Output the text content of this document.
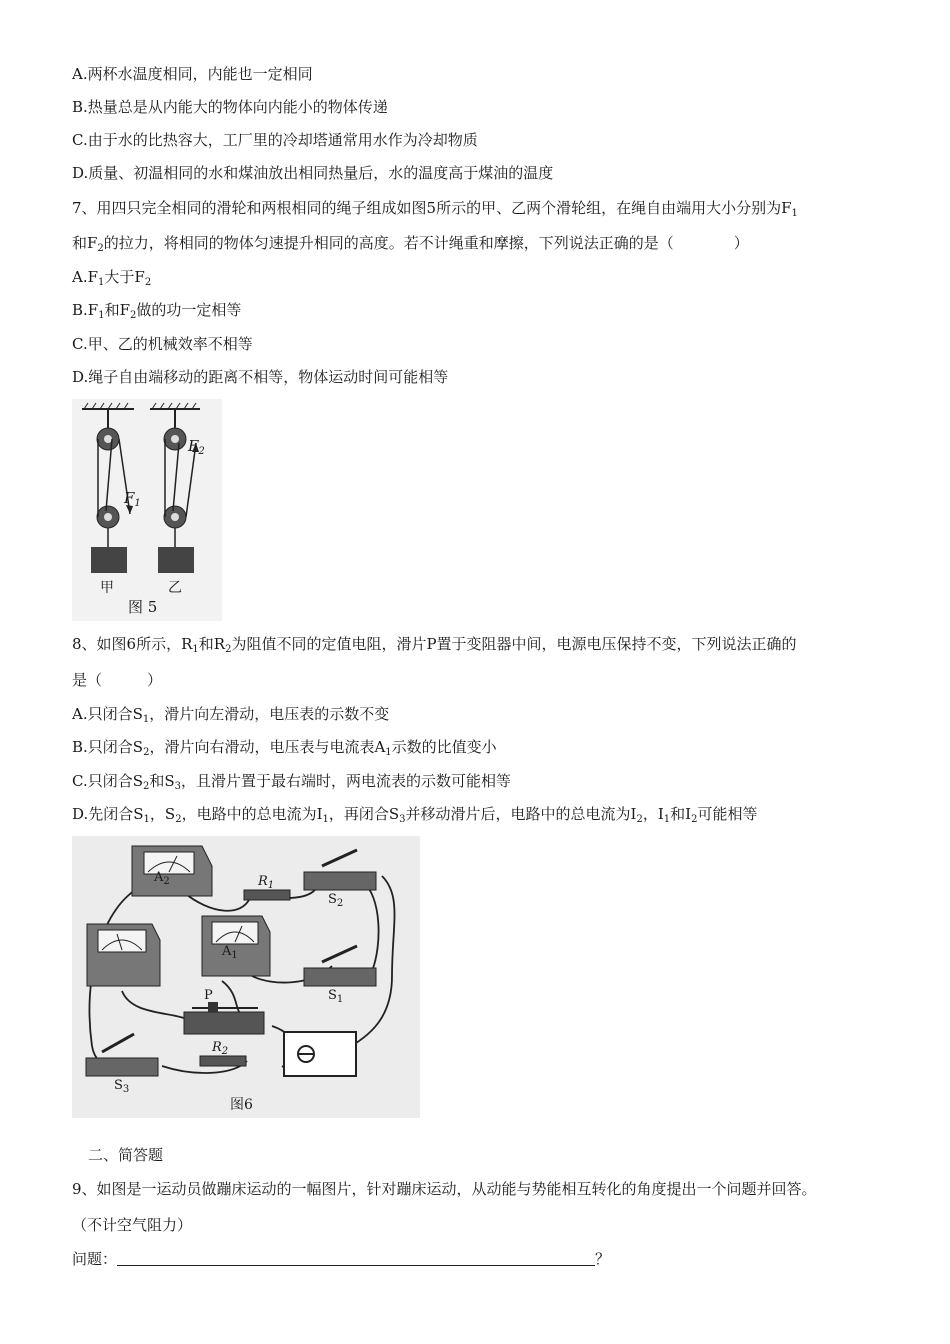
A.两杯水温度相同，内能也一定相同
B.热量总是从内能大的物体向内能小的物体传递
C.由于水的比热容大，工厂里的冷却塔通常用水作为冷却物质
D.质量、初温相同的水和煤油放出相同热量后，水的温度高于煤油的温度
7、用四只完全相同的滑轮和两根相同的绳子组成如图5所示的甲、乙两个滑轮组，在绳自由端用大小分别为$F_1$
和$F_2$的拉力，将相同的物体匀速提升相同的高度。若不计绳重和摩擦，下列说法正确的是（　　　　）
$A.F_1$大于$F_2$
$B.F_1$和$F_2$做的功一定相等
C.甲、乙的机械效率不相等
D.绳子自由端移动的距离不相等，物体运动时间可能相等
$F_1$
$F_2$
甲	乙
图 5
8、如图6所示，$R_1$和$R_2$为阻值不同的定值电阻，滑片P置于变阻器中间，电源电压保持不变，下列说法正确的
是（　　　）
A.只闭合$S_1$，滑片向左滑动，电压表的示数不变
B.只闭合$S_2$，滑片向右滑动，电压表与电流表$A_1$示数的比值变小
C.只闭合$S_2$和$S_3$，且滑片置于最右端时，两电流表的示数可能相等
D.先闭合$S_1$，$S_2$，电路中的总电流为$I_1$，再闭合$S_3$并移动滑片后，电路中的总电流为$I_2$，$I_1$和$I_2$可能相等
$A_2$
$A_1$
$R_1$
$R_2$
$S_2$
$S_1$
$S_3$
P
图6
二、简答题
9、如图是一运动员做蹦床运动的一幅图片，针对蹦床运动，从动能与势能相互转化的角度提出一个问题并回答。
（不计空气阻力）
问题：	？
